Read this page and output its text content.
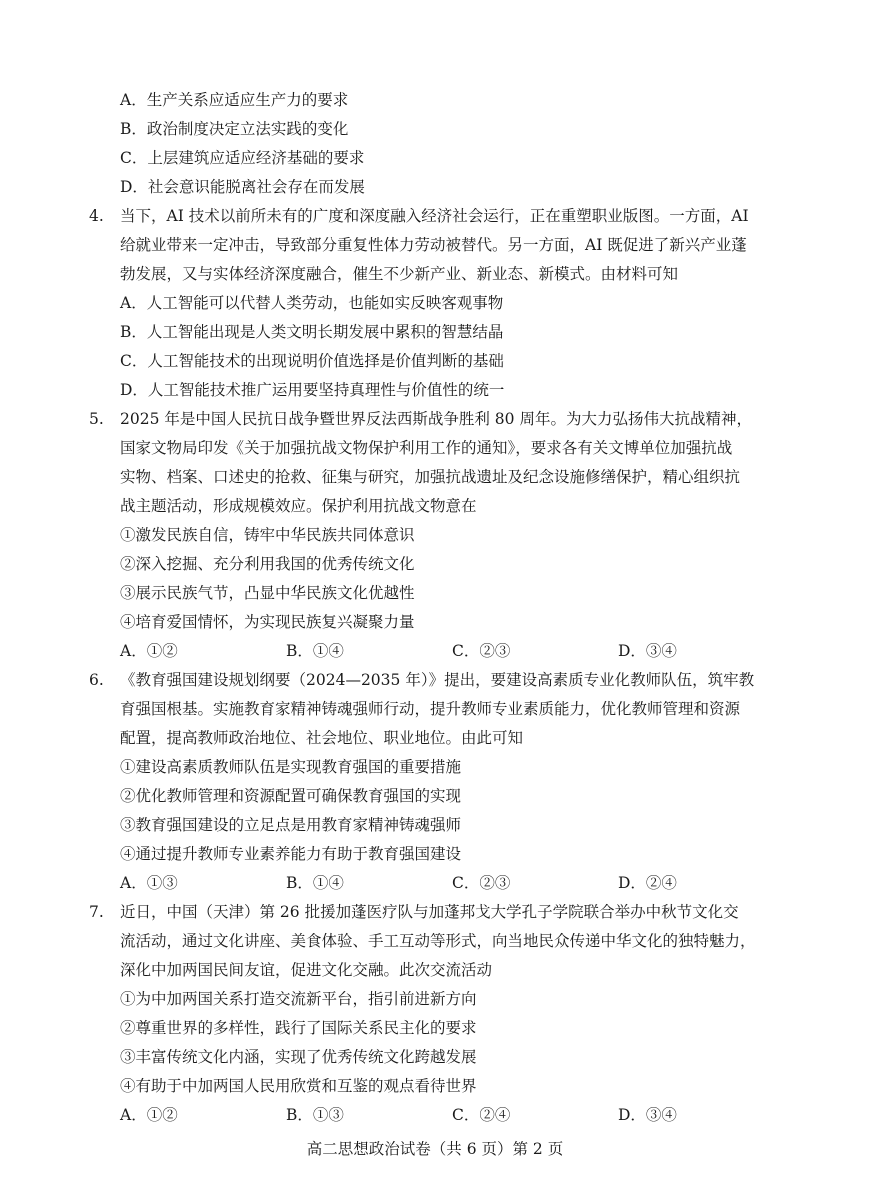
A．生产关系应适应生产力的要求
B．政治制度决定立法实践的变化
C．上层建筑应适应经济基础的要求
D．社会意识能脱离社会存在而发展
4. 当下，AI 技术以前所未有的广度和深度融入经济社会运行，正在重塑职业版图。一方面，AI
给就业带来一定冲击，导致部分重复性体力劳动被替代。另一方面，AI 既促进了新兴产业蓬
勃发展，又与实体经济深度融合，催生不少新产业、新业态、新模式。由材料可知
A．人工智能可以代替人类劳动，也能如实反映客观事物
B．人工智能出现是人类文明长期发展中累积的智慧结晶
C．人工智能技术的出现说明价值选择是价值判断的基础
D．人工智能技术推广运用要坚持真理性与价值性的统一
5. 2025 年是中国人民抗日战争暨世界反法西斯战争胜利 80 周年。为大力弘扬伟大抗战精神，
国家文物局印发《关于加强抗战文物保护利用工作的通知》，要求各有关文博单位加强抗战
实物、档案、口述史的抢救、征集与研究，加强抗战遗址及纪念设施修缮保护，精心组织抗
战主题活动，形成规模效应。保护利用抗战文物意在
①激发民族自信，铸牢中华民族共同体意识
②深入挖掘、充分利用我国的优秀传统文化
③展示民族气节，凸显中华民族文化优越性
④培育爱国情怀，为实现民族复兴凝聚力量
A．①②	B．①④	C．②③	D．③④
6. 《教育强国建设规划纲要（2024—2035 年）》提出，要建设高素质专业化教师队伍，筑牢教
育强国根基。实施教育家精神铸魂强师行动，提升教师专业素质能力，优化教师管理和资源
配置，提高教师政治地位、社会地位、职业地位。由此可知
①建设高素质教师队伍是实现教育强国的重要措施
②优化教师管理和资源配置可确保教育强国的实现
③教育强国建设的立足点是用教育家精神铸魂强师
④通过提升教师专业素养能力有助于教育强国建设
A．①③	B．①④	C．②③	D．②④
7. 近日，中国（天津）第 26 批援加蓬医疗队与加蓬邦戈大学孔子学院联合举办中秋节文化交
流活动，通过文化讲座、美食体验、手工互动等形式，向当地民众传递中华文化的独特魅力，
深化中加两国民间友谊，促进文化交融。此次交流活动
①为中加两国关系打造交流新平台，指引前进新方向
②尊重世界的多样性，践行了国际关系民主化的要求
③丰富传统文化内涵，实现了优秀传统文化跨越发展
④有助于中加两国人民用欣赏和互鉴的观点看待世界
A．①②	B．①③	C．②④	D．③④
高二思想政治试卷（共 6 页）第 2 页
